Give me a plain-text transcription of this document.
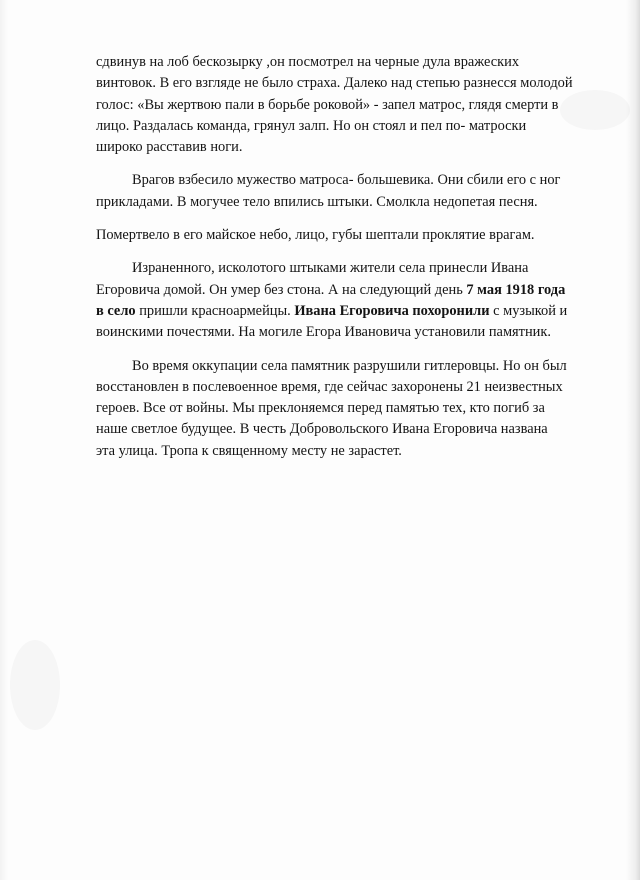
сдвинув на лоб бескозырку ,он посмотрел на черные дула вражеских
винтовок. В его взгляде не было страха. Далеко над степью разнесся молодой
голос: «Вы жертвою пали в борьбе роковой» - запел матрос, глядя смерти в
лицо. Раздалась команда, грянул залп. Но он стоял и пел по- матроски
широко расставив ноги.

Врагов взбесило мужество матроса- большевика. Они сбили его с ног
прикладами. В могучее тело впились штыки. Смолкла недопетая песня.

Помертвело в его майское небо, лицо, губы шептали проклятие врагам.

Израненного, исколотого штыками жители села принесли Ивана
Егоровича домой. Он умер без стона. А на следующий день 7 мая 1918 года
в село пришли красноармейцы. Ивана Егоровича похоронили с музыкой и
воинскими почестями. На могиле Егора Ивановича установили памятник.

Во время оккупации села памятник разрушили гитлеровцы. Но он был
восстановлен в послевоенное время, где сейчас захоронены 21 неизвестных
героев. Все от войны. Мы преклоняемся перед памятью тех, кто погиб за
наше светлое будущее. В честь Добровольского Ивана Егоровича названа
эта улица. Тропа к священному месту не зарастет.
